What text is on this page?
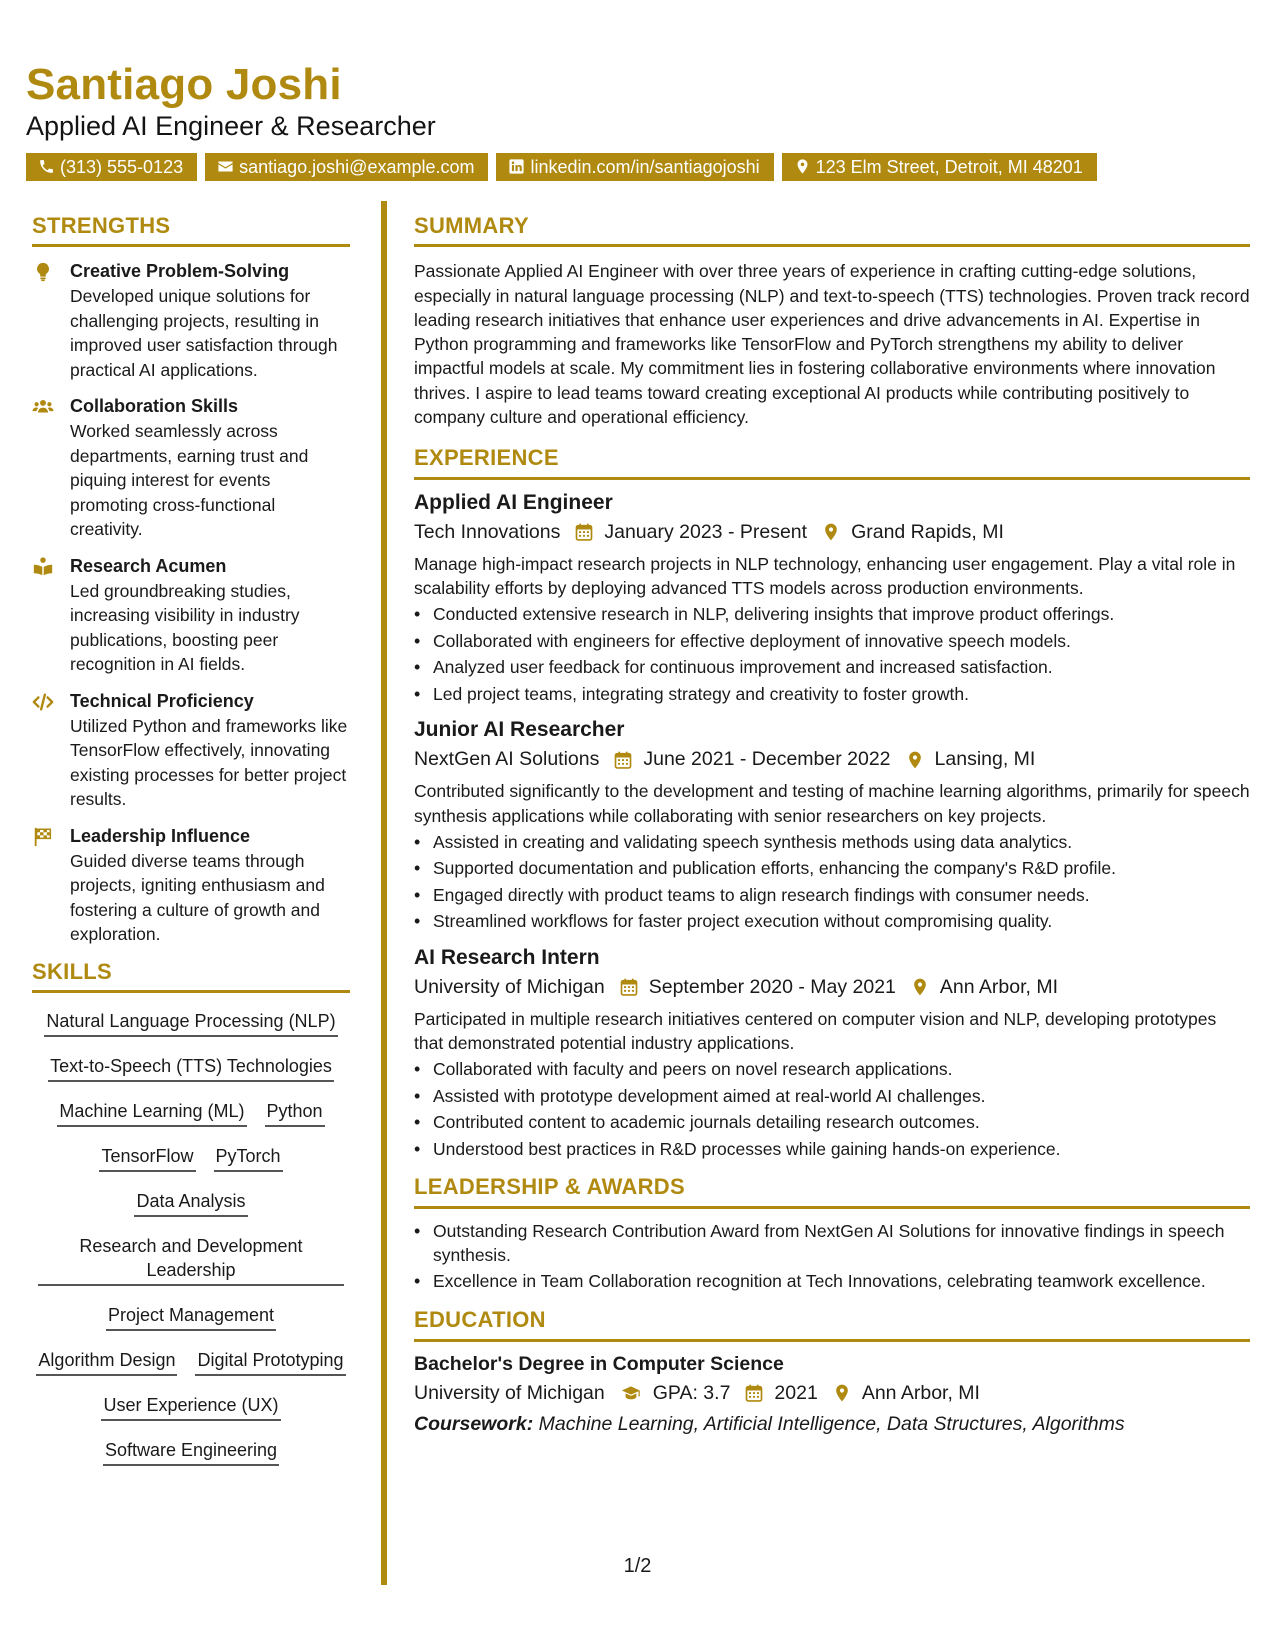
Santiago Joshi
Applied AI Engineer & Researcher
(313) 555-0123	santiago.joshi@example.com	linkedin.com/in/santiagojoshi	123 Elm Street, Detroit, MI 48201
STRENGTHS
Creative Problem-Solving
Developed unique solutions for challenging projects, resulting in improved user satisfaction through practical AI applications.
Collaboration Skills
Worked seamlessly across departments, earning trust and piquing interest for events promoting cross-functional creativity.
Research Acumen
Led groundbreaking studies, increasing visibility in industry publications, boosting peer recognition in AI fields.
Technical Proficiency
Utilized Python and frameworks like TensorFlow effectively, innovating existing processes for better project results.
Leadership Influence
Guided diverse teams through projects, igniting enthusiasm and fostering a culture of growth and exploration.
SKILLS
Natural Language Processing (NLP)
Text-to-Speech (TTS) Technologies
Machine Learning (ML) Python
TensorFlow PyTorch
Data Analysis
Research and Development Leadership
Project Management
Algorithm Design Digital Prototyping
User Experience (UX)
Software Engineering
SUMMARY
Passionate Applied AI Engineer with over three years of experience in crafting cutting-edge solutions, especially in natural language processing (NLP) and text-to-speech (TTS) technologies. Proven track record leading research initiatives that enhance user experiences and drive advancements in AI. Expertise in Python programming and frameworks like TensorFlow and PyTorch strengthens my ability to deliver impactful models at scale. My commitment lies in fostering collaborative environments where innovation thrives. I aspire to lead teams toward creating exceptional AI products while contributing positively to company culture and operational efficiency.
EXPERIENCE
Applied AI Engineer
Tech Innovations January 2023 - Present Grand Rapids, MI
Manage high-impact research projects in NLP technology, enhancing user engagement. Play a vital role in scalability efforts by deploying advanced TTS models across production environments.
• Conducted extensive research in NLP, delivering insights that improve product offerings.
• Collaborated with engineers for effective deployment of innovative speech models.
• Analyzed user feedback for continuous improvement and increased satisfaction.
• Led project teams, integrating strategy and creativity to foster growth.
Junior AI Researcher
NextGen AI Solutions June 2021 - December 2022 Lansing, MI
Contributed significantly to the development and testing of machine learning algorithms, primarily for speech synthesis applications while collaborating with senior researchers on key projects.
• Assisted in creating and validating speech synthesis methods using data analytics.
• Supported documentation and publication efforts, enhancing the company's R&D profile.
• Engaged directly with product teams to align research findings with consumer needs.
• Streamlined workflows for faster project execution without compromising quality.
AI Research Intern
University of Michigan September 2020 - May 2021 Ann Arbor, MI
Participated in multiple research initiatives centered on computer vision and NLP, developing prototypes that demonstrated potential industry applications.
• Collaborated with faculty and peers on novel research applications.
• Assisted with prototype development aimed at real-world AI challenges.
• Contributed content to academic journals detailing research outcomes.
• Understood best practices in R&D processes while gaining hands-on experience.
LEADERSHIP & AWARDS
• Outstanding Research Contribution Award from NextGen AI Solutions for innovative findings in speech synthesis.
• Excellence in Team Collaboration recognition at Tech Innovations, celebrating teamwork excellence.
EDUCATION
Bachelor's Degree in Computer Science
University of Michigan GPA: 3.7 2021 Ann Arbor, MI
Coursework: Machine Learning, Artificial Intelligence, Data Structures, Algorithms
1/2
